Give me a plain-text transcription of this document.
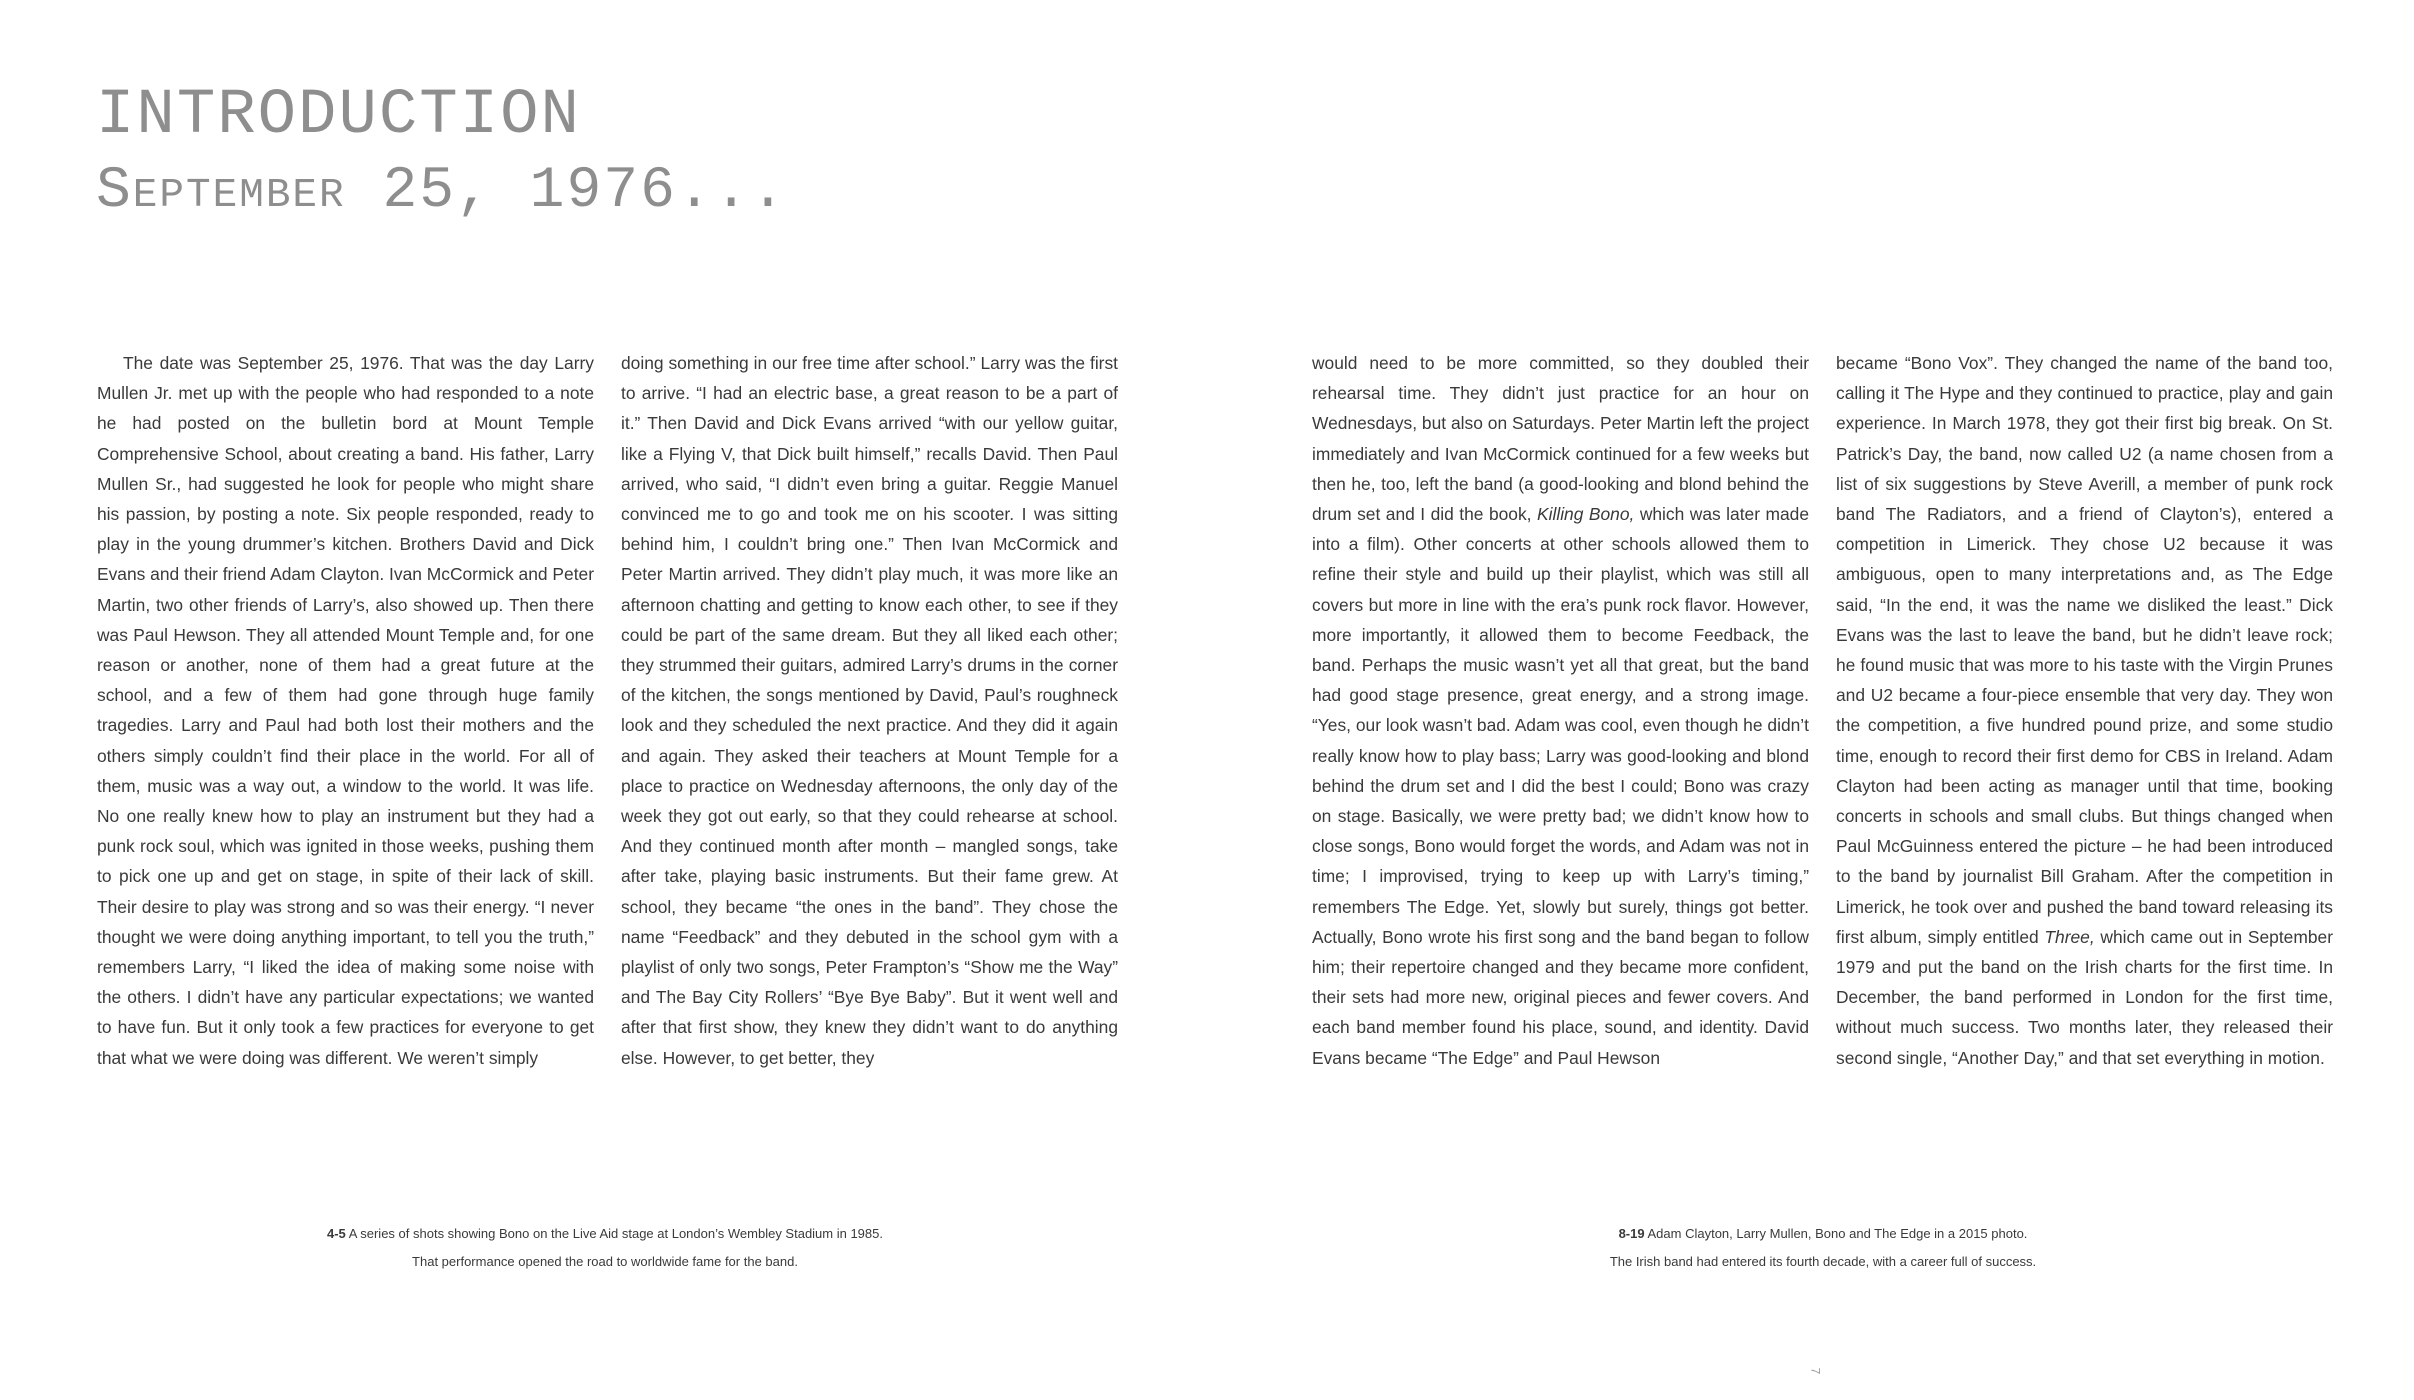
INTRODUCTION
September 25, 1976...

The date was September 25, 1976. That was the day Larry Mullen Jr. met up with the people who had responded to a note he had posted on the bulletin bord at Mount Temple Comprehensive School, about creating a band. His father, Larry Mullen Sr., had suggested he look for people who might share his passion, by posting a note. Six people responded, ready to play in the young drummer’s kitchen. Brothers David and Dick Evans and their friend Adam Clayton. Ivan McCormick and Peter Martin, two other friends of Larry’s, also showed up. Then there was Paul Hewson. They all attended Mount Temple and, for one reason or another, none of them had a great future at the school, and a few of them had gone through huge family tragedies. Larry and Paul had both lost their mothers and the others simply couldn’t find their place in the world. For all of them, music was a way out, a window to the world. It was life. No one really knew how to play an instrument but they had a punk rock soul, which was ignited in those weeks, pushing them to pick one up and get on stage, in spite of their lack of skill. Their desire to play was strong and so was their energy. “I never thought we were doing anything important, to tell you the truth,” remembers Larry, “I liked the idea of making some noise with the others. I didn’t have any particular expectations; we wanted to have fun. But it only took a few practices for everyone to get that what we were doing was different. We weren’t simply

doing something in our free time after school.” Larry was the first to arrive. “I had an electric base, a great reason to be a part of it.” Then David and Dick Evans arrived “with our yellow guitar, like a Flying V, that Dick built himself,” recalls David. Then Paul arrived, who said, “I didn’t even bring a guitar. Reggie Manuel convinced me to go and took me on his scooter. I was sitting behind him, I couldn’t bring one.” Then Ivan McCormick and Peter Martin arrived. They didn’t play much, it was more like an afternoon chatting and getting to know each other, to see if they could be part of the same dream. But they all liked each other; they strummed their guitars, admired Larry’s drums in the corner of the kitchen, the songs mentioned by David, Paul’s roughneck look and they scheduled the next practice. And they did it again and again. They asked their teachers at Mount Temple for a place to practice on Wednesday afternoons, the only day of the week they got out early, so that they could rehearse at school. And they continued month after month – mangled songs, take after take, playing basic instruments. But their fame grew. At school, they became “the ones in the band”. They chose the name “Feedback” and they debuted in the school gym with a playlist of only two songs, Peter Frampton’s “Show me the Way” and The Bay City Rollers’ “Bye Bye Baby”. But it went well and after that first show, they knew they didn’t want to do anything else. However, to get better, they

would need to be more committed, so they doubled their rehearsal time. They didn’t just practice for an hour on Wednesdays, but also on Saturdays. Peter Martin left the project immediately and Ivan McCormick continued for a few weeks but then he, too, left the band (a good-looking and blond behind the drum set and I did the book, Killing Bono, which was later made into a film). Other concerts at other schools allowed them to refine their style and build up their playlist, which was still all covers but more in line with the era’s punk rock flavor. However, more importantly, it allowed them to become Feedback, the band. Perhaps the music wasn’t yet all that great, but the band had good stage presence, great energy, and a strong image. “Yes, our look wasn’t bad. Adam was cool, even though he didn’t really know how to play bass; Larry was good-looking and blond behind the drum set and I did the best I could; Bono was crazy on stage. Basically, we were pretty bad; we didn’t know how to close songs, Bono would forget the words, and Adam was not in time; I improvised, trying to keep up with Larry’s timing,” remembers The Edge. Yet, slowly but surely, things got better. Actually, Bono wrote his first song and the band began to follow him; their repertoire changed and they became more confident, their sets had more new, original pieces and fewer covers. And each band member found his place, sound, and identity. David Evans became “The Edge” and Paul Hewson

became “Bono Vox”. They changed the name of the band too, calling it The Hype and they continued to practice, play and gain experience. In March 1978, they got their first big break. On St. Patrick’s Day, the band, now called U2 (a name chosen from a list of six suggestions by Steve Averill, a member of punk rock band The Radiators, and a friend of Clayton’s), entered a competition in Limerick. They chose U2 because it was ambiguous, open to many interpretations and, as The Edge said, “In the end, it was the name we disliked the least.” Dick Evans was the last to leave the band, but he didn’t leave rock; he found music that was more to his taste with the Virgin Prunes and U2 became a four-piece ensemble that very day. They won the competition, a five hundred pound prize, and some studio time, enough to record their first demo for CBS in Ireland. Adam Clayton had been acting as manager until that time, booking concerts in schools and small clubs. But things changed when Paul McGuinness entered the picture – he had been introduced to the band by journalist Bill Graham. After the competition in Limerick, he took over and pushed the band toward releasing its first album, simply entitled Three, which came out in September 1979 and put the band on the Irish charts for the first time. In December, the band performed in London for the first time, without much success. Two months later, they released their second single, “Another Day,” and that set everything in motion.

4-5 A series of shots showing Bono on the Live Aid stage at London’s Wembley Stadium in 1985.
That performance opened the road to worldwide fame for the band.
8-19 Adam Clayton, Larry Mullen, Bono and The Edge in a 2015 photo.
The Irish band had entered its fourth decade, with a career full of success.
7
